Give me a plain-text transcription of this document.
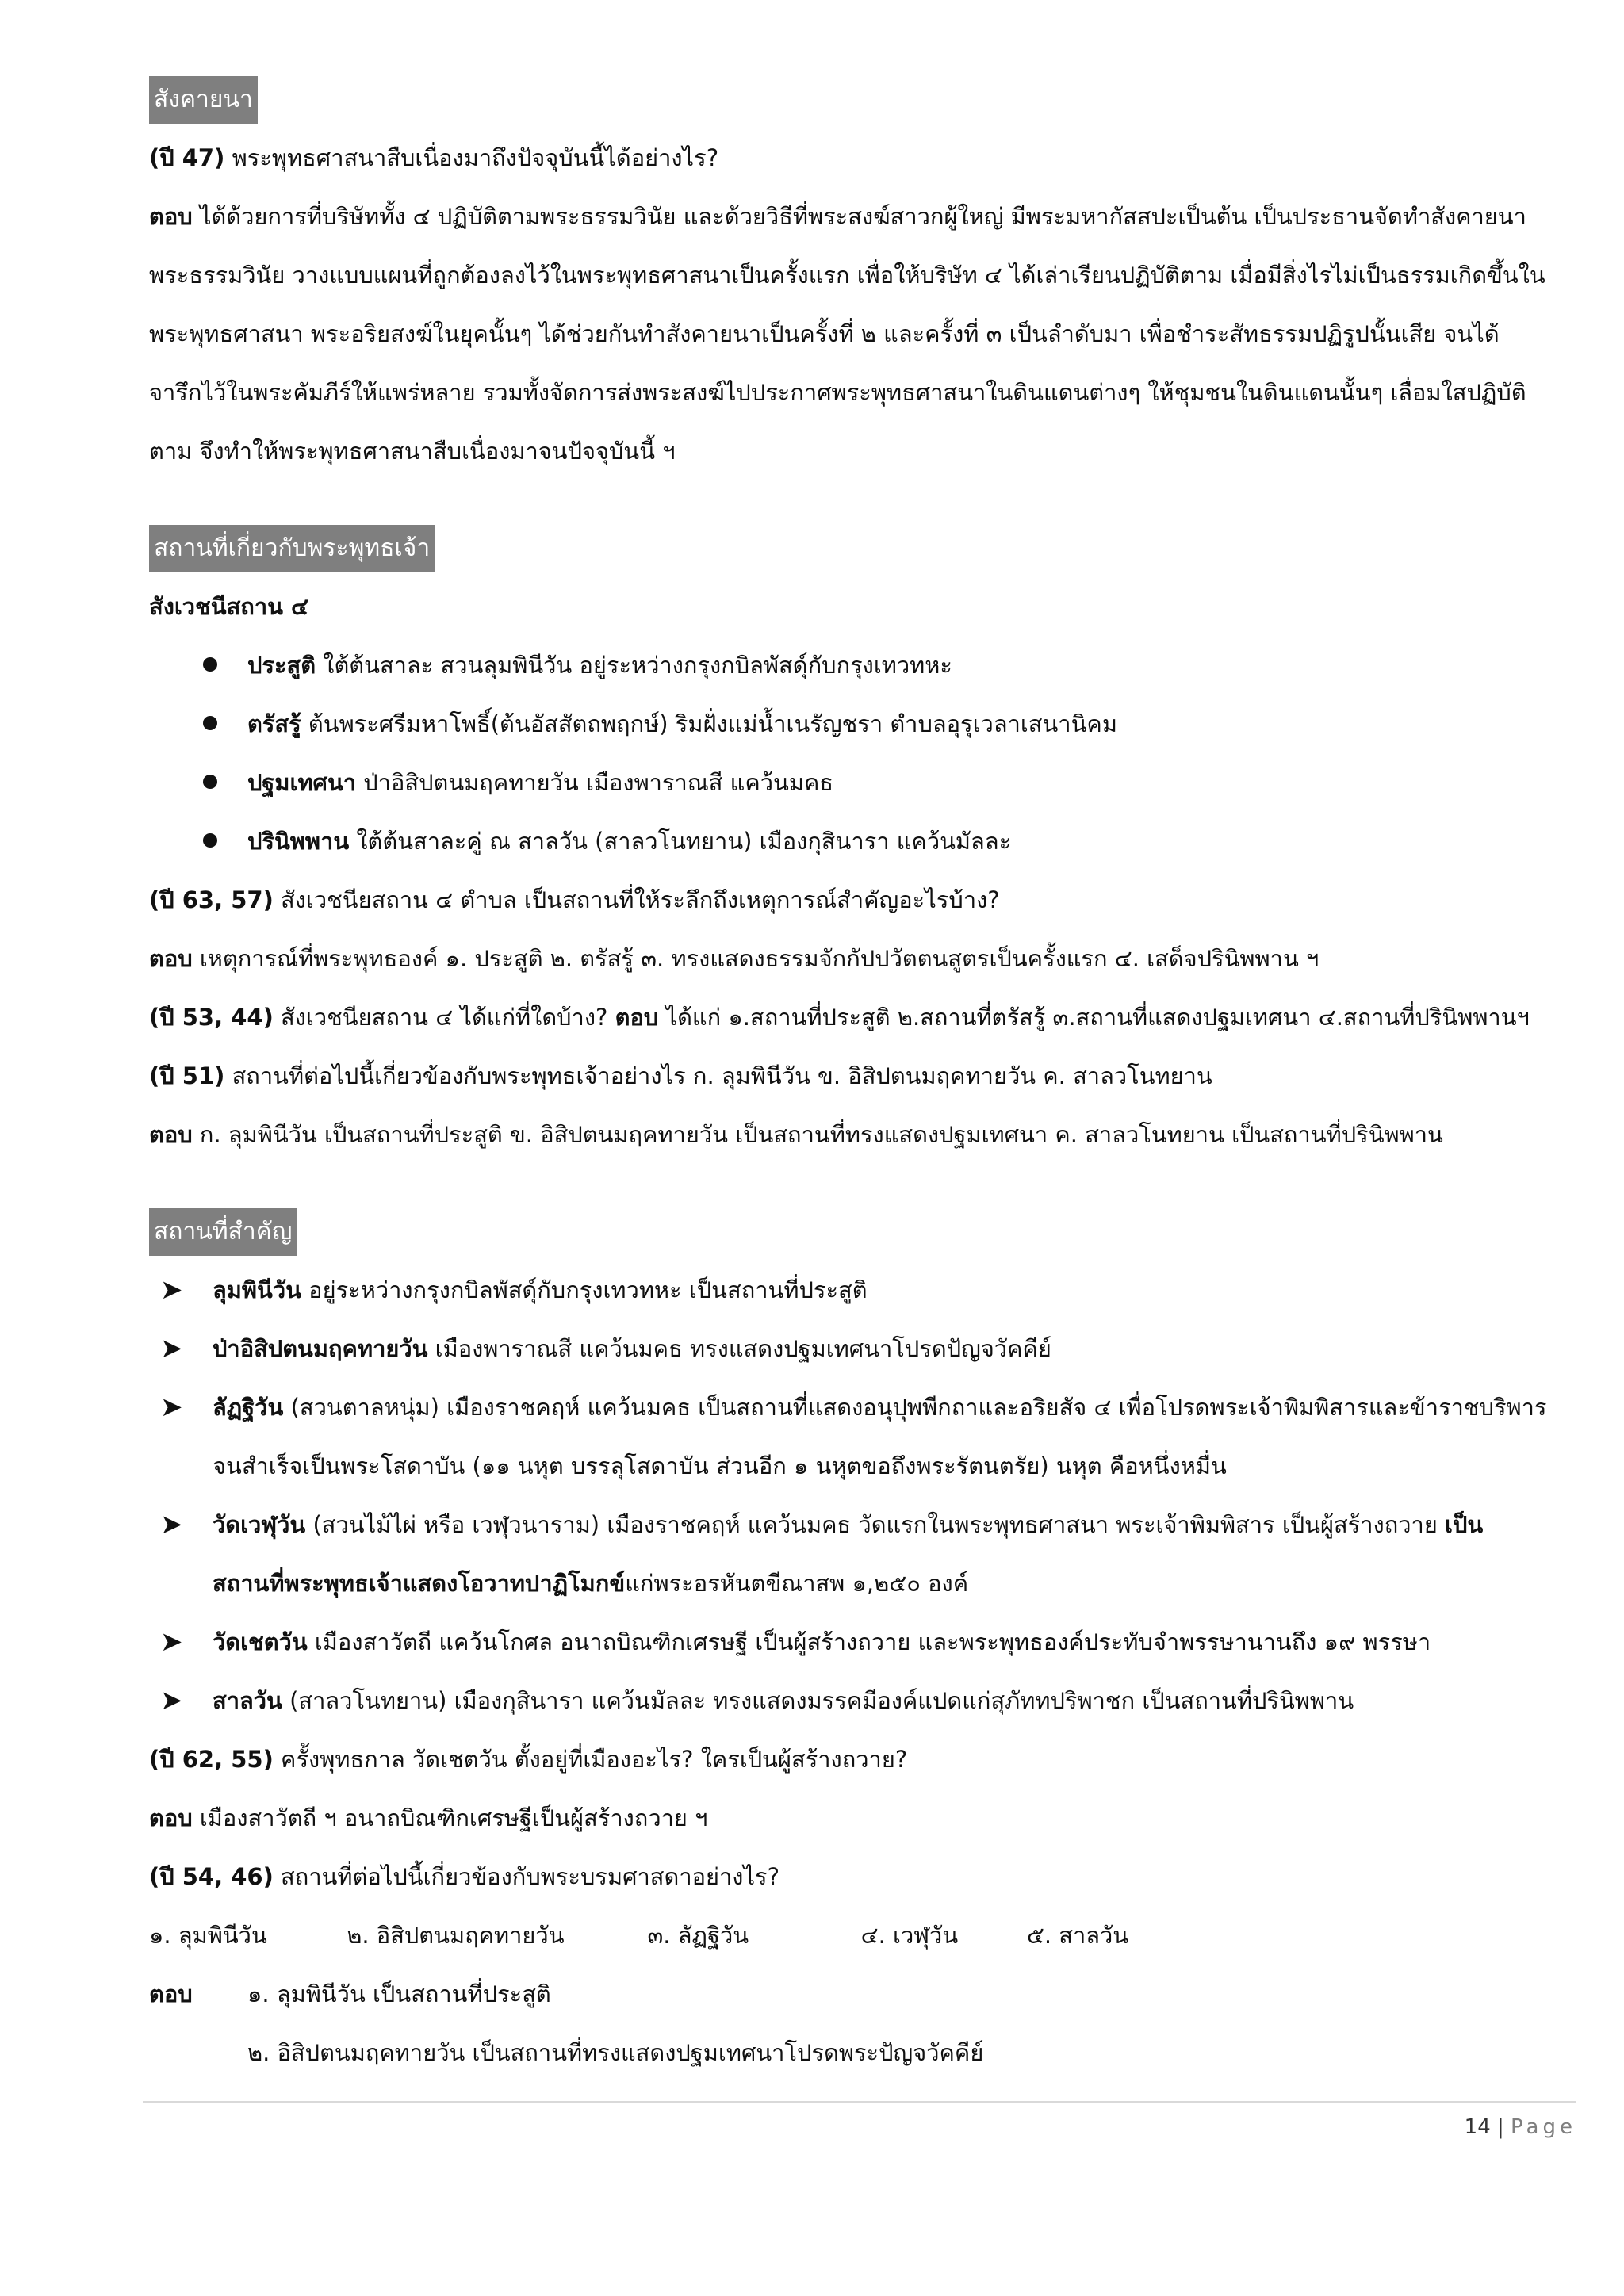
สังคายนา
(ปี 47) พระพุทธศาสนาสืบเนื่องมาถึงปัจจุบันนี้ได้อย่างไร?
ตอบ ได้ด้วยการที่บริษัททั้ง ๔ ปฏิบัติตามพระธรรมวินัย และด้วยวิธีที่พระสงฆ์สาวกผู้ใหญ่ มีพระมหากัสสปะเป็นต้น เป็นประธานจัดทำสังคายนา
พระธรรมวินัย วางแบบแผนที่ถูกต้องลงไว้ในพระพุทธศาสนาเป็นครั้งแรก เพื่อให้บริษัท ๔ ได้เล่าเรียนปฏิบัติตาม เมื่อมีสิ่งไรไม่เป็นธรรมเกิดขึ้นใน
พระพุทธศาสนา พระอริยสงฆ์ในยุคนั้นๆ ได้ช่วยกันทำสังคายนาเป็นครั้งที่ ๒ และครั้งที่ ๓ เป็นลำดับมา เพื่อชำระสัทธรรมปฏิรูปนั้นเสีย จนได้
จารึกไว้ในพระคัมภีร์ให้แพร่หลาย รวมทั้งจัดการส่งพระสงฆ์ไปประกาศพระพุทธศาสนาในดินแดนต่างๆ ให้ชุมชนในดินแดนนั้นๆ เลื่อมใสปฏิบัติ
ตาม จึงทำให้พระพุทธศาสนาสืบเนื่องมาจนปัจจุบันนี้ ฯ
สถานที่เกี่ยวกับพระพุทธเจ้า
สังเวชนีสถาน ๔
ประสูติ ใต้ต้นสาละ สวนลุมพินีวัน อยู่ระหว่างกรุงกบิลพัสดุ์กับกรุงเทวทหะ
ตรัสรู้ ต้นพระศรีมหาโพธิ์(ต้นอัสสัตถพฤกษ์) ริมฝั่งแม่น้ำเนรัญชรา ตำบลอุรุเวลาเสนานิคม
ปฐมเทศนา ป่าอิสิปตนมฤคทายวัน เมืองพาราณสี แคว้นมคธ
ปรินิพพาน ใต้ต้นสาละคู่ ณ สาลวัน (สาลวโนทยาน) เมืองกุสินารา แคว้นมัลละ
(ปี 63, 57) สังเวชนียสถาน ๔ ตำบล เป็นสถานที่ให้ระลึกถึงเหตุการณ์สำคัญอะไรบ้าง?
ตอบ เหตุการณ์ที่พระพุทธองค์ ๑. ประสูติ ๒. ตรัสรู้ ๓. ทรงแสดงธรรมจักกัปปวัตตนสูตรเป็นครั้งแรก ๔. เสด็จปรินิพพาน ฯ
(ปี 53, 44) สังเวชนียสถาน ๔ ได้แก่ที่ใดบ้าง? ตอบ ได้แก่ ๑.สถานที่ประสูติ ๒.สถานที่ตรัสรู้ ๓.สถานที่แสดงปฐมเทศนา ๔.สถานที่ปรินิพพานฯ
(ปี 51) สถานที่ต่อไปนี้เกี่ยวข้องกับพระพุทธเจ้าอย่างไร ก. ลุมพินีวัน ข. อิสิปตนมฤคทายวัน ค. สาลวโนทยาน
ตอบ ก. ลุมพินีวัน เป็นสถานที่ประสูติ ข. อิสิปตนมฤคทายวัน เป็นสถานที่ทรงแสดงปฐมเทศนา ค. สาลวโนทยาน เป็นสถานที่ปรินิพพาน
สถานที่สำคัญ
➤ ลุมพินีวัน อยู่ระหว่างกรุงกบิลพัสดุ์กับกรุงเทวทหะ เป็นสถานที่ประสูติ
➤ ป่าอิสิปตนมฤคทายวัน เมืองพาราณสี แคว้นมคธ ทรงแสดงปฐมเทศนาโปรดปัญจวัคคีย์
➤ ลัฏฐิวัน (สวนตาลหนุ่ม) เมืองราชคฤห์ แคว้นมคธ เป็นสถานที่แสดงอนุปุพพีกถาและอริยสัจ ๔ เพื่อโปรดพระเจ้าพิมพิสารและข้าราชบริพาร
จนสำเร็จเป็นพระโสดาบัน (๑๑ นหุต บรรลุโสดาบัน ส่วนอีก ๑ นหุตขอถึงพระรัตนตรัย) นหุต คือหนึ่งหมื่น
➤ วัดเวฬุวัน (สวนไม้ไผ่ หรือ เวฬุวนาราม) เมืองราชคฤห์ แคว้นมคธ วัดแรกในพระพุทธศาสนา พระเจ้าพิมพิสาร เป็นผู้สร้างถวาย เป็น
สถานที่พระพุทธเจ้าแสดงโอวาทปาฏิโมกข์แก่พระอรหันตขีณาสพ ๑,๒๕๐ องค์
➤ วัดเชตวัน เมืองสาวัตถี แคว้นโกศล อนาถบิณฑิกเศรษฐี เป็นผู้สร้างถวาย และพระพุทธองค์ประทับจำพรรษานานถึง ๑๙ พรรษา
➤ สาลวัน (สาลวโนทยาน) เมืองกุสินารา แคว้นมัลละ ทรงแสดงมรรคมีองค์แปดแก่สุภัททปริพาชก เป็นสถานที่ปรินิพพาน
(ปี 62, 55) ครั้งพุทธกาล วัดเชตวัน ตั้งอยู่ที่เมืองอะไร? ใครเป็นผู้สร้างถวาย?
ตอบ เมืองสาวัตถี ฯ อนาถบิณฑิกเศรษฐีเป็นผู้สร้างถวาย ฯ
(ปี 54, 46) สถานที่ต่อไปนี้เกี่ยวข้องกับพระบรมศาสดาอย่างไร?
๑. ลุมพินีวัน	๒. อิสิปตนมฤคทายวัน	๓. ลัฏฐิวัน	๔. เวฬุวัน	๕. สาลวัน
ตอบ ๑. ลุมพินีวัน เป็นสถานที่ประสูติ
๒. อิสิปตนมฤคทายวัน เป็นสถานที่ทรงแสดงปฐมเทศนาโปรดพระปัญจวัคคีย์
14 | Page
